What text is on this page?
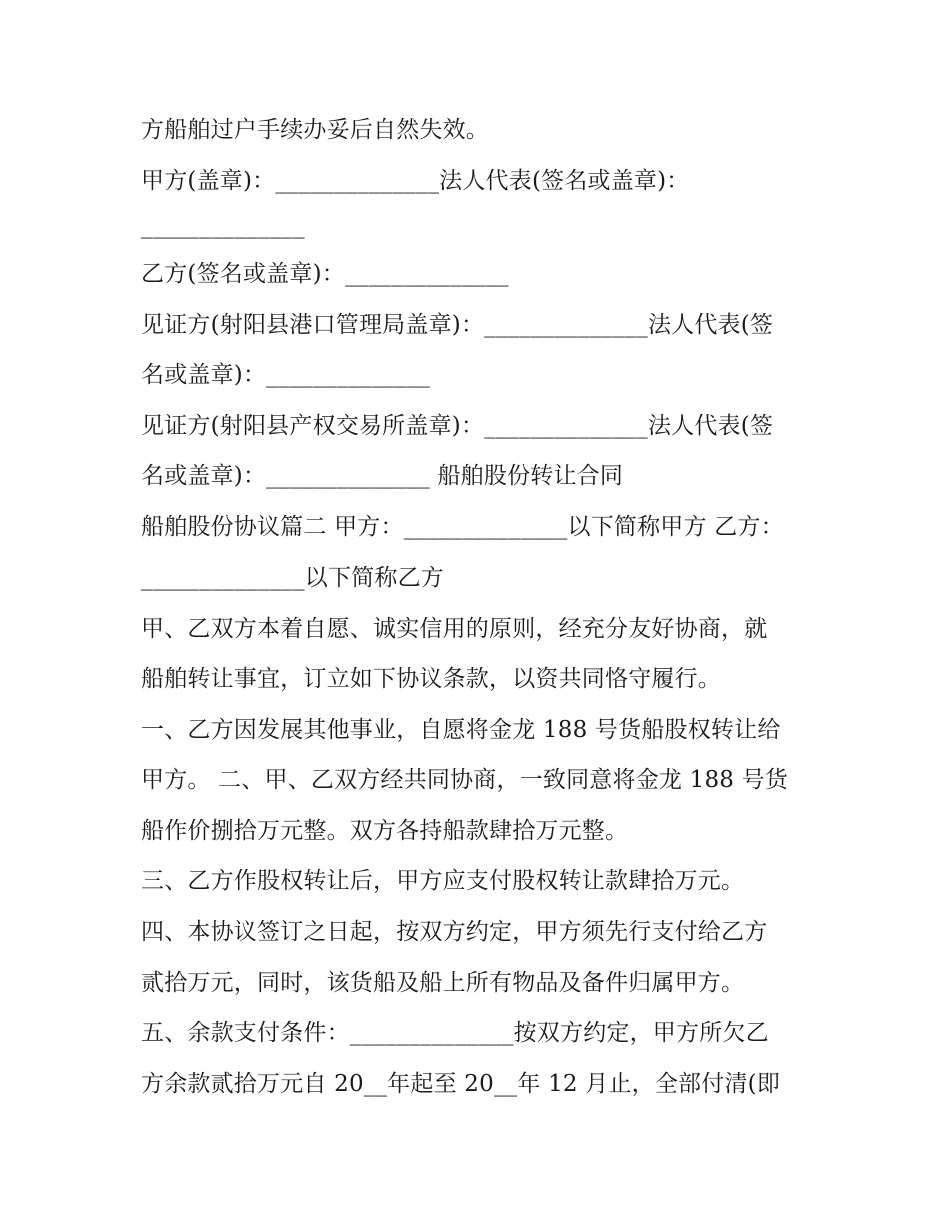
方船舶过户手续办妥后自然失效。
甲方(盖章)：______________法人代表(签名或盖章)：
______________
乙方(签名或盖章)：______________
见证方(射阳县港口管理局盖章)：______________法人代表(签
名或盖章)：______________
见证方(射阳县产权交易所盖章)：______________法人代表(签
名或盖章)：______________ 船舶股份转让合同
船舶股份协议篇二 甲方：______________以下简称甲方 乙方：
______________以下简称乙方
甲、乙双方本着自愿、诚实信用的原则，经充分友好协商，就
船舶转让事宜，订立如下协议条款，以资共同恪守履行。
一、乙方因发展其他事业，自愿将金龙 188 号货船股权转让给
甲方。 二、甲、乙双方经共同协商，一致同意将金龙 188 号货
船作价捌拾万元整。双方各持船款肆拾万元整。
三、乙方作股权转让后，甲方应支付股权转让款肆拾万元。
四、本协议签订之日起，按双方约定，甲方须先行支付给乙方
贰拾万元，同时，该货船及船上所有物品及备件归属甲方。
五、余款支付条件：______________按双方约定，甲方所欠乙
方余款贰拾万元自 20__年起至 20__年 12 月止，全部付清(即
